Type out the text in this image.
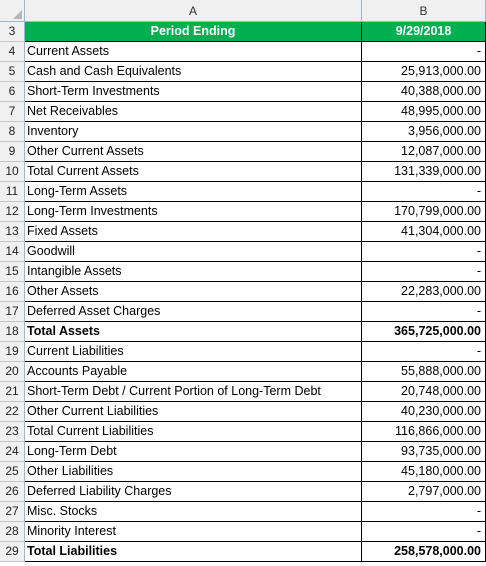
A	B
3	Period Ending	9/29/2018
4 Current Assets	-
5 Cash and Cash Equivalents	25,913,000.00
6 Short-Term Investments	40,388,000.00
7 Net Receivables	48,995,000.00
8 Inventory	3,956,000.00
9 Other Current Assets	12,087,000.00
10 Total Current Assets	131,339,000.00
11 Long-Term Assets	-
12 Long-Term Investments	170,799,000.00
13 Fixed Assets	41,304,000.00
14 Goodwill	-
15 Intangible Assets	-
16 Other Assets	22,283,000.00
17 Deferred Asset Charges	-
18 Total Assets	365,725,000.00
19 Current Liabilities	-
20 Accounts Payable	55,888,000.00
21 Short-Term Debt / Current Portion of Long-Term Debt	20,748,000.00
22 Other Current Liabilities	40,230,000.00
23 Total Current Liabilities	116,866,000.00
24 Long-Term Debt	93,735,000.00
25 Other Liabilities	45,180,000.00
26 Deferred Liability Charges	2,797,000.00
27 Misc. Stocks	-
28 Minority Interest	-
29 Total Liabilities	258,578,000.00
